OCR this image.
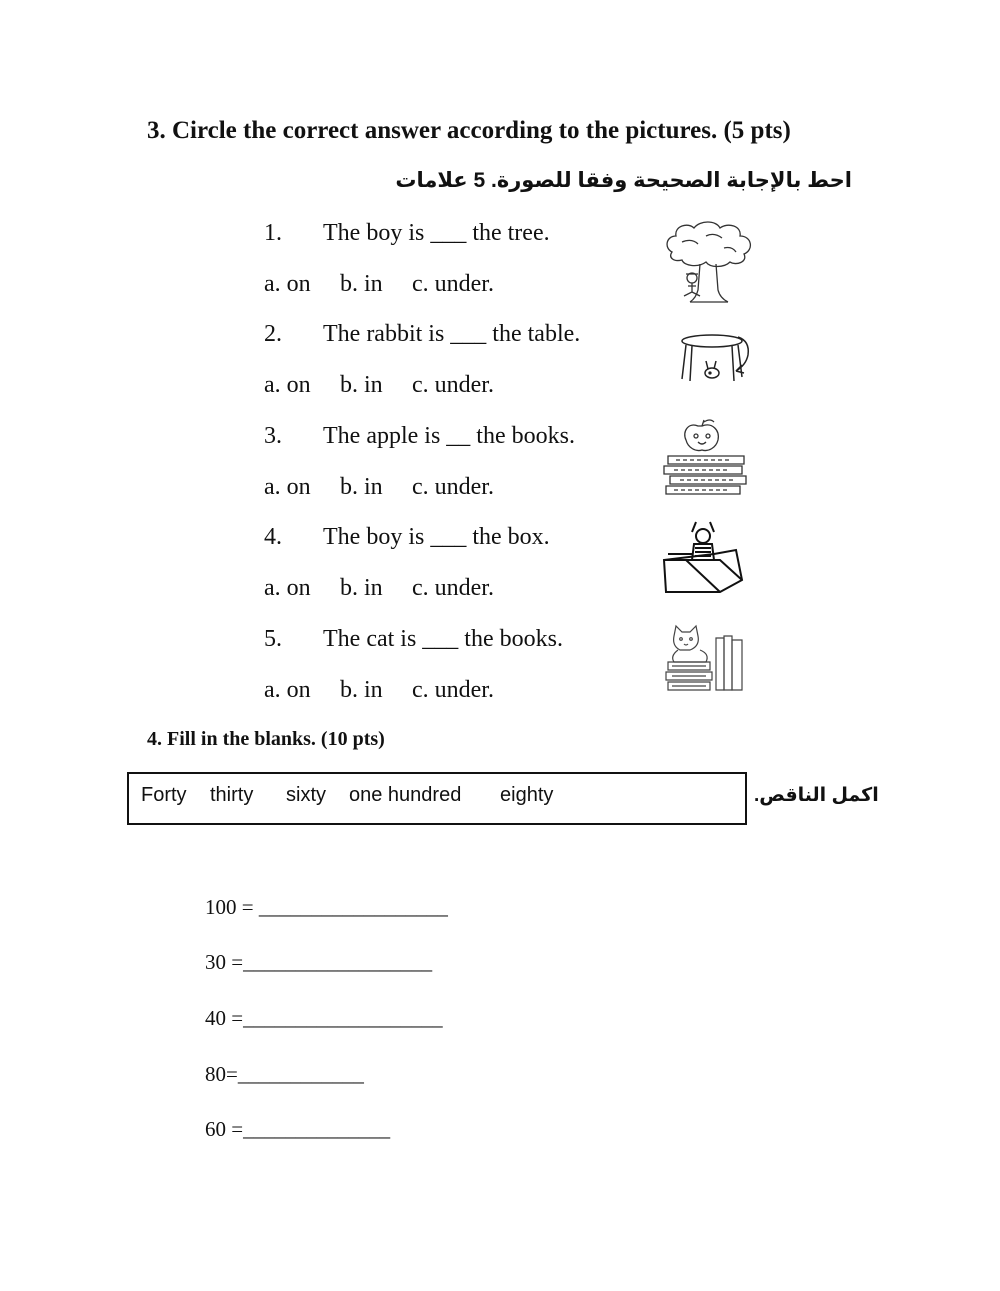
3. Circle the correct answer according to the pictures. (5 pts)
احط بالإجابة الصحيحة وفقا للصورة. 5 علامات
1. The boy is ___ the tree.
a. on b. in c. under.
2. The rabbit is ___ the table.
a. on b. in c. under.
3. The apple is __ the books.
a. on b. in c. under.
4. The boy is ___ the box.
a. on b. in c. under.
5. The cat is ___ the books.
a. on b. in c. under.
4. Fill in the blanks. (10 pts)
Forty thirty sixty one hundred eighty	اكمل الناقص.
100 = __________________
30 =__________________
40 =___________________
80=____________
60 =______________
